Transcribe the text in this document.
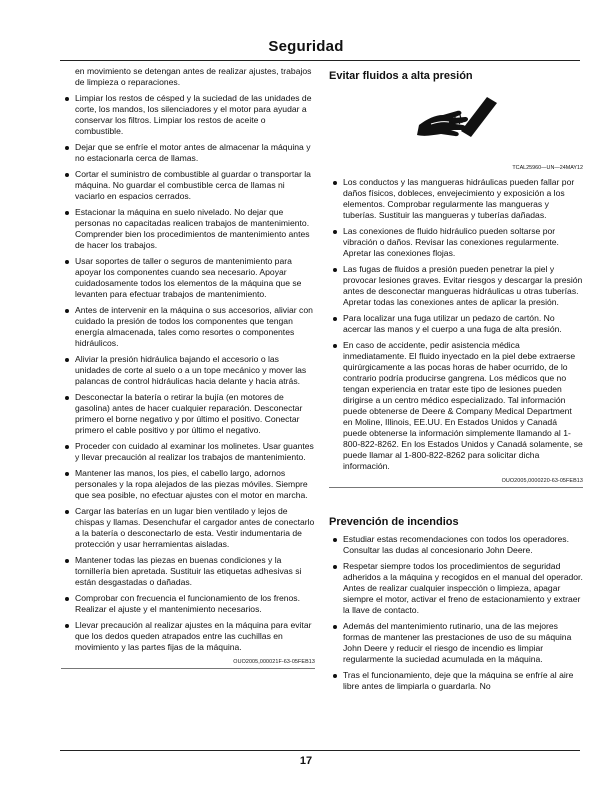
Seguridad

en movimiento se detengan antes de realizar ajustes, trabajos de limpieza o reparaciones.

Limpiar los restos de césped y la suciedad de las unidades de corte, los mandos, los silenciadores y el motor para ayudar a conservar los filtros. Limpiar los restos de aceite o combustible.
Dejar que se enfríe el motor antes de almacenar la máquina y no estacionarla cerca de llamas.
Cortar el suministro de combustible al guardar o transportar la máquina. No guardar el combustible cerca de llamas ni vaciarlo en espacios cerrados.
Estacionar la máquina en suelo nivelado. No dejar que personas no capacitadas realicen trabajos de mantenimiento. Comprender bien los procedimientos de mantenimiento antes de hacer los trabajos.
Usar soportes de taller o seguros de mantenimiento para apoyar los componentes cuando sea necesario. Apoyar cuidadosamente todos los elementos de la máquina que se levanten para efectuar trabajos de mantenimiento.
Antes de intervenir en la máquina o sus accesorios, aliviar con cuidado la presión de todos los componentes que tengan energía almacenada, tales como resortes o componentes hidráulicos.
Aliviar la presión hidráulica bajando el accesorio o las unidades de corte al suelo o a un tope mecánico y mover las palancas de control hidráulicas hacia delante y hacia atrás.
Desconectar la batería o retirar la bujía (en motores de gasolina) antes de hacer cualquier reparación. Desconectar primero el borne negativo y por último el positivo. Conectar primero el cable positivo y por último el negativo.
Proceder con cuidado al examinar los molinetes. Usar guantes y llevar precaución al realizar los trabajos de mantenimiento.
Mantener las manos, los pies, el cabello largo, adornos personales y la ropa alejados de las piezas móviles. Siempre que sea posible, no efectuar ajustes con el motor en marcha.
Cargar las baterías en un lugar bien ventilado y lejos de chispas y llamas. Desenchufar el cargador antes de conectarlo a la batería o desconectarlo de esta. Vestir indumentaria de protección y usar herramientas aisladas.
Mantener todas las piezas en buenas condiciones y la tornillería bien apretada. Sustituir las etiquetas adhesivas si están desgastadas o dañadas.
Comprobar con frecuencia el funcionamiento de los frenos. Realizar el ajuste y el mantenimiento necesarios.
Llevar precaución al realizar ajustes en la máquina para evitar que los dedos queden atrapados entre las cuchillas en movimiento y las partes fijas de la máquina.
OUO2005,000021F-63-05FEB13
Evitar fluidos a alta presión
TCAL25960—UN—24MAY12
Los conductos y las mangueras hidráulicas pueden fallar por daños físicos, dobleces, envejecimiento y exposición a los elementos. Comprobar regularmente las mangueras y tuberías. Sustituir las mangueras y tuberías dañadas.
Las conexiones de fluido hidráulico pueden soltarse por vibración o daños. Revisar las conexiones regularmente. Apretar las conexiones flojas.
Las fugas de fluidos a presión pueden penetrar la piel y provocar lesiones graves. Evitar riesgos y descargar la presión antes de desconectar mangueras hidráulicas u otras tuberías. Apretar todas las conexiones antes de aplicar la presión.
Para localizar una fuga utilizar un pedazo de cartón. No acercar las manos y el cuerpo a una fuga de alta presión.
En caso de accidente, pedir asistencia médica inmediatamente. El fluido inyectado en la piel debe extraerse quirúrgicamente a las pocas horas de haber ocurrido, de lo contrario podría producirse gangrena. Los médicos que no tengan experiencia en tratar este tipo de lesiones pueden dirigirse a un centro médico especializado. Tal información puede obtenerse de Deere & Company Medical Department en Moline, Illinois, EE.UU. En Estados Unidos y Canadá puede obtenerse la información simplemente llamando al 1-800-822-8262. En los Estados Unidos y Canadá solamente, se puede llamar al 1-800-822-8262 para solicitar dicha información.
OUO2005,0000220-63-05FEB13
Prevención de incendios
Estudiar estas recomendaciones con todos los operadores. Consultar las dudas al concesionario John Deere.
Respetar siempre todos los procedimientos de seguridad adheridos a la máquina y recogidos en el manual del operador. Antes de realizar cualquier inspección o limpieza, apagar siempre el motor, activar el freno de estacionamiento y extraer la llave de contacto.
Además del mantenimiento rutinario, una de las mejores formas de mantener las prestaciones de uso de su máquina John Deere y reducir el riesgo de incendio es limpiar regularmente la suciedad acumulada en la máquina.
Tras el funcionamiento, deje que la máquina se enfríe al aire libre antes de limpiarla o guardarla. No
17
